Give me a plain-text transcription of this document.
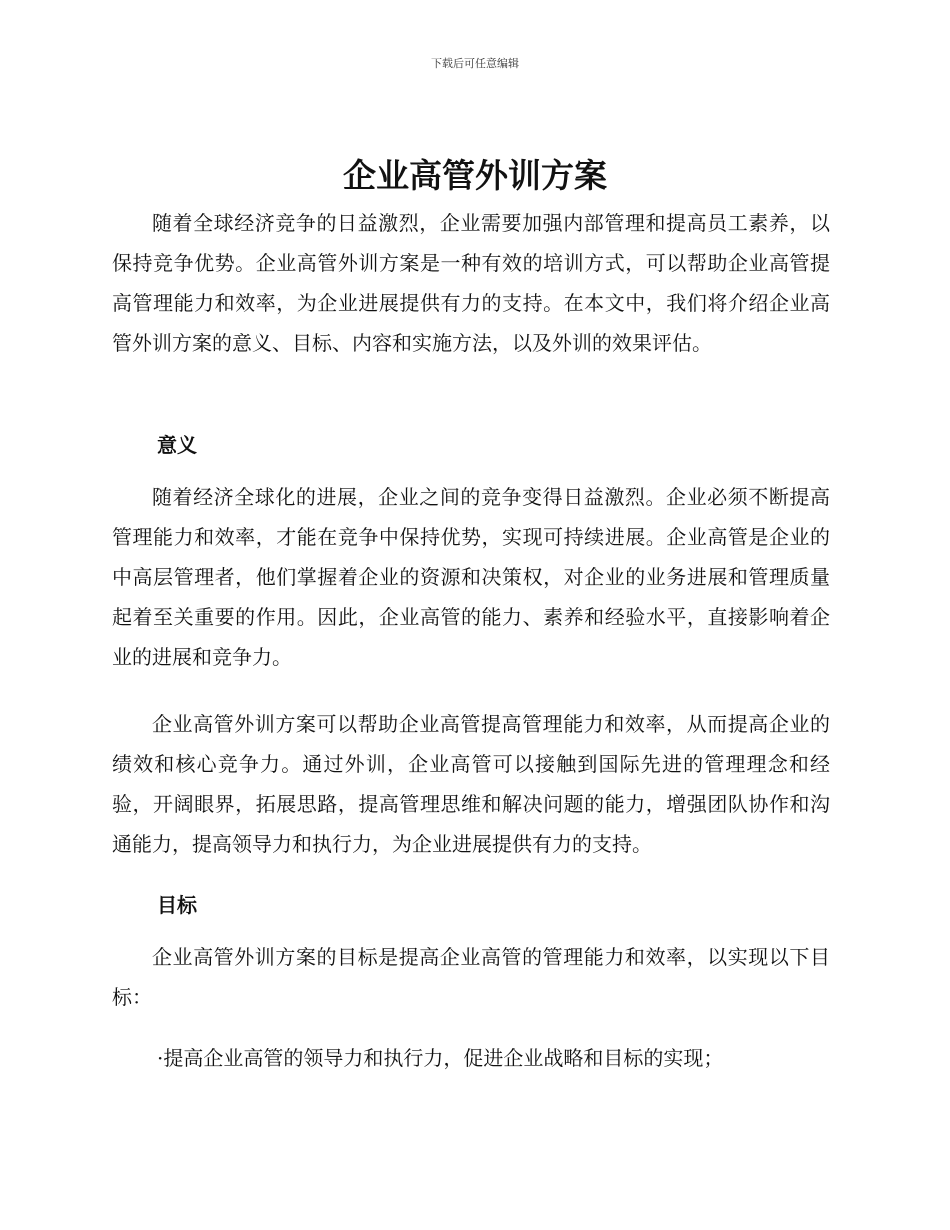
下载后可任意编辑
企业高管外训方案

随着全球经济竞争的日益激烈，企业需要加强内部管理和提高员工素养，以保持竞争优势。企业高管外训方案是一种有效的培训方式，可以帮助企业高管提高管理能力和效率，为企业进展提供有力的支持。在本文中，我们将介绍企业高管外训方案的意义、目标、内容和实施方法，以及外训的效果评估。

意义

随着经济全球化的进展，企业之间的竞争变得日益激烈。企业必须不断提高管理能力和效率，才能在竞争中保持优势，实现可持续进展。企业高管是企业的中高层管理者，他们掌握着企业的资源和决策权，对企业的业务进展和管理质量起着至关重要的作用。因此，企业高管的能力、素养和经验水平，直接影响着企业的进展和竞争力。

企业高管外训方案可以帮助企业高管提高管理能力和效率，从而提高企业的绩效和核心竞争力。通过外训，企业高管可以接触到国际先进的管理理念和经验，开阔眼界，拓展思路，提高管理思维和解决问题的能力，增强团队协作和沟通能力，提高领导力和执行力，为企业进展提供有力的支持。

目标

企业高管外训方案的目标是提高企业高管的管理能力和效率，以实现以下目标：

·提高企业高管的领导力和执行力，促进企业战略和目标的实现；
